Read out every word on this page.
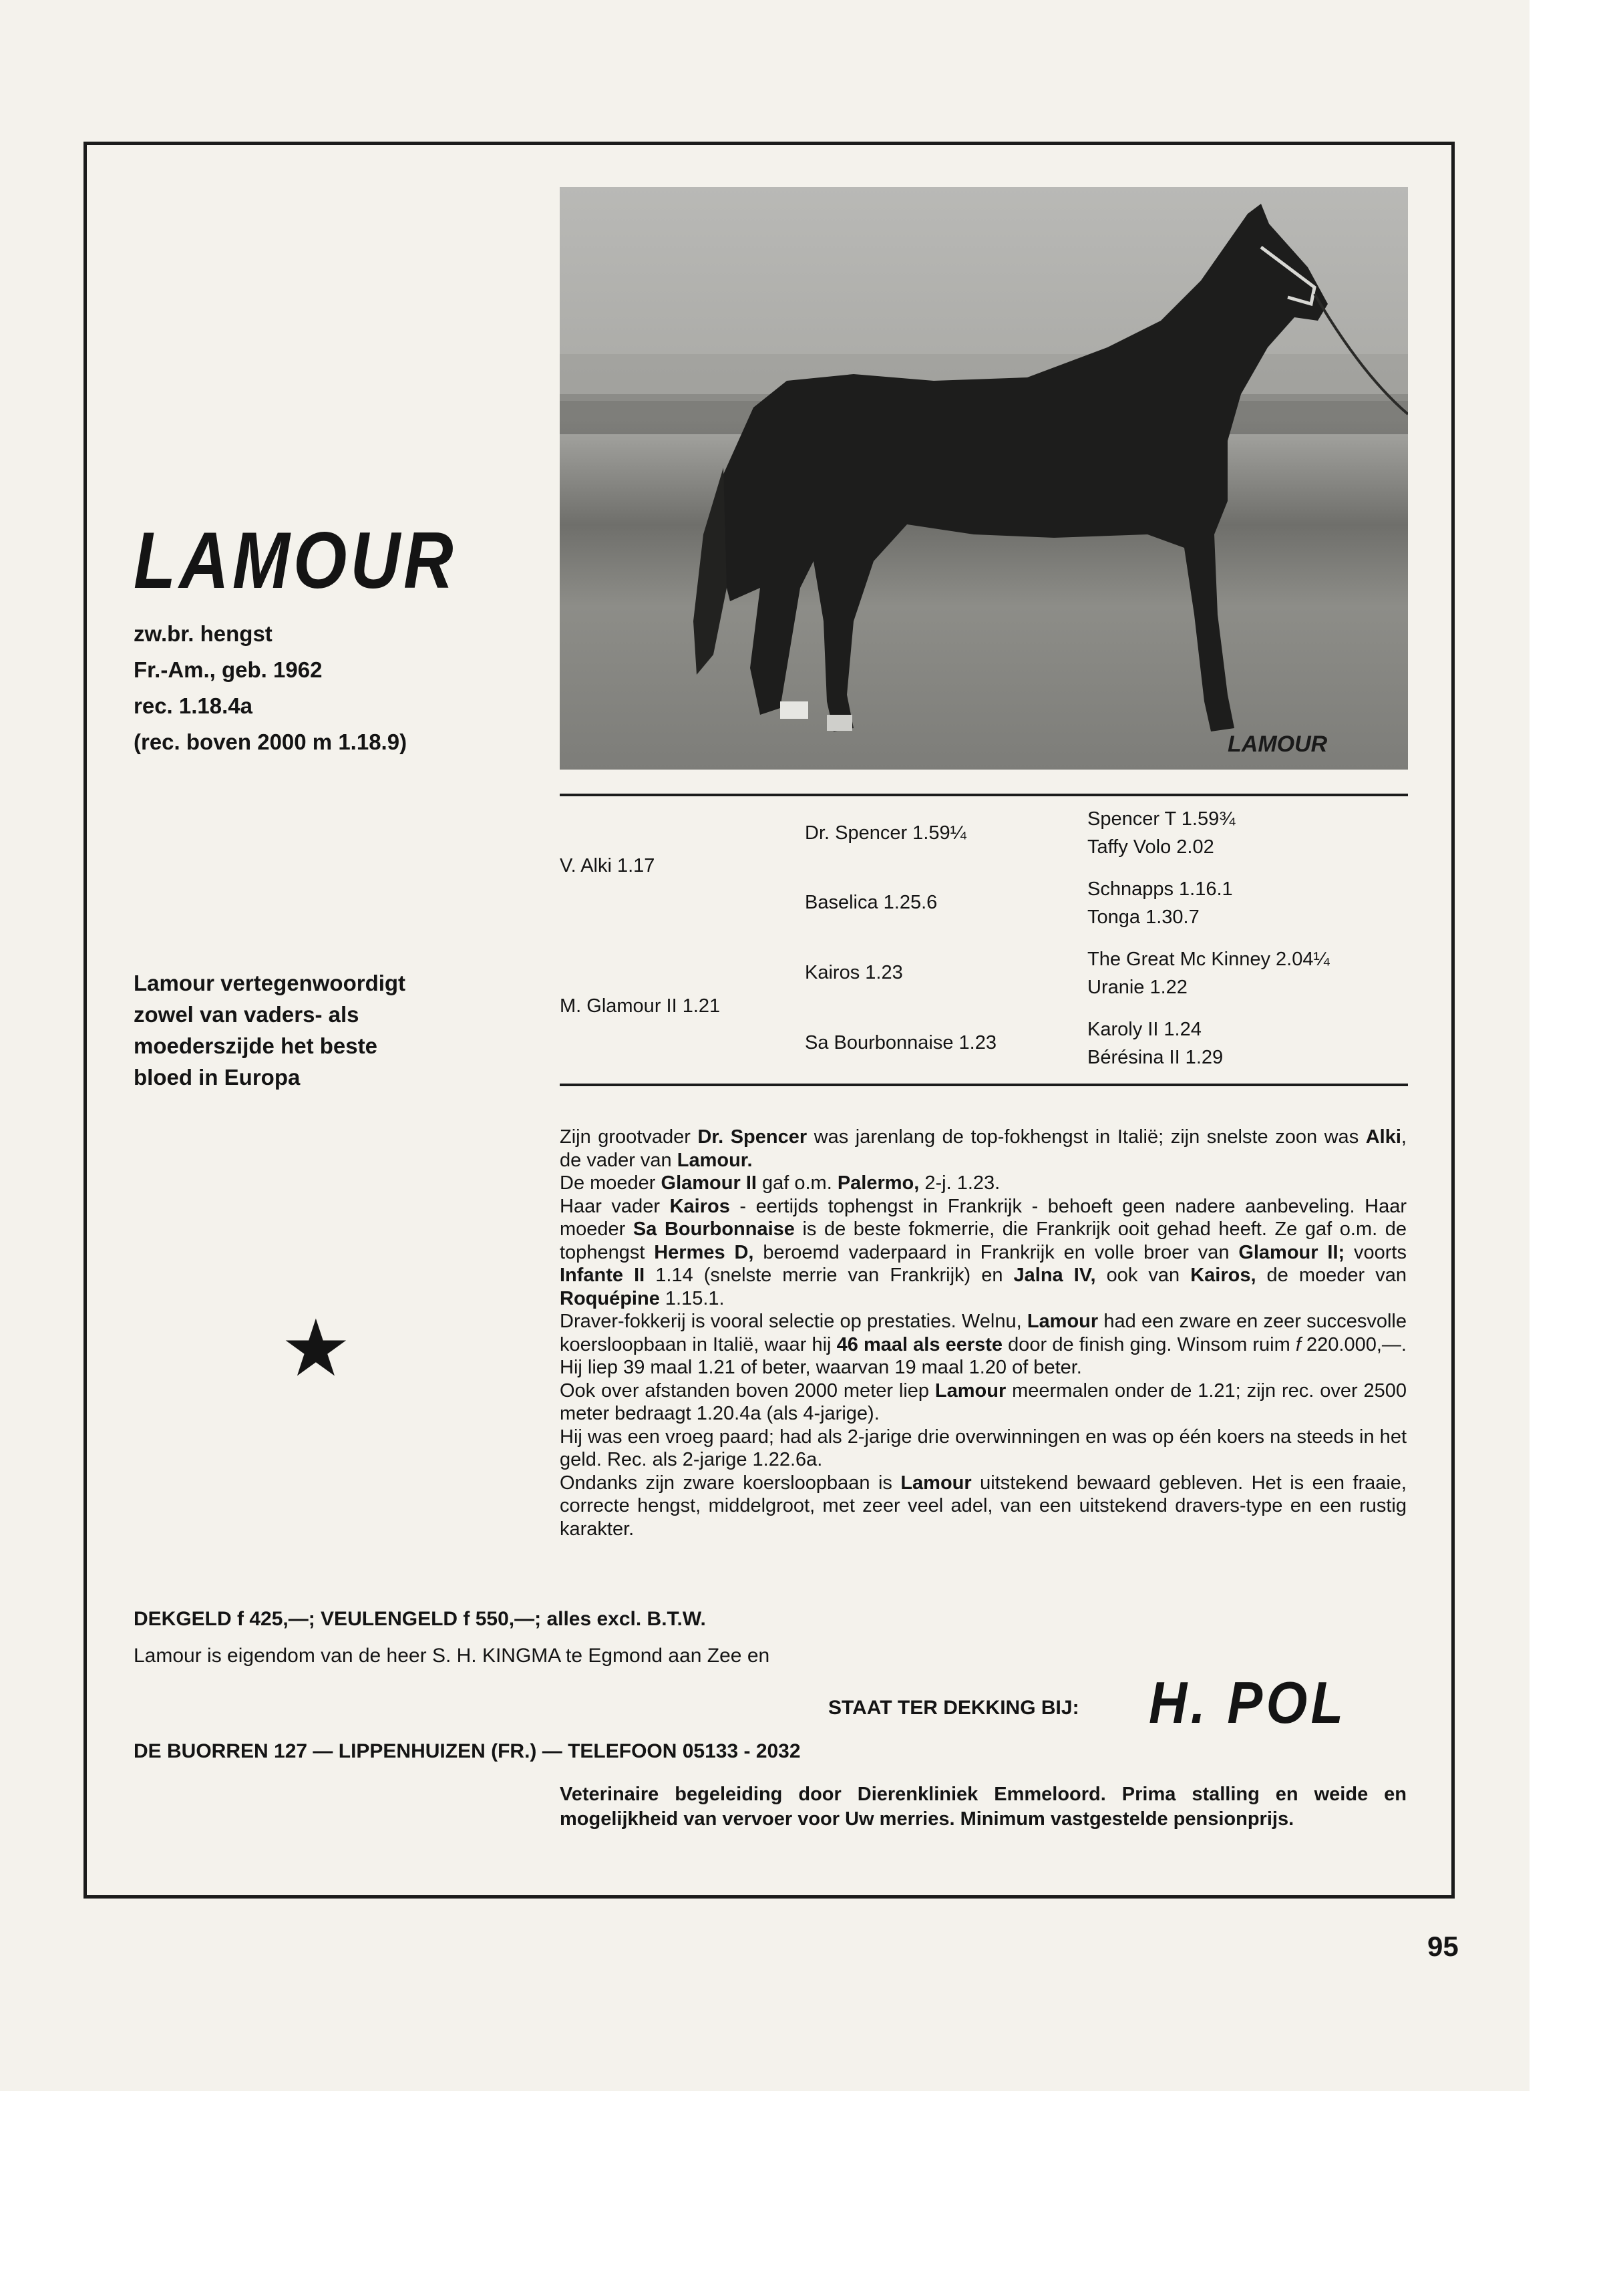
LAMOUR
zw.br. hengst
Fr.-Am., geb. 1962
rec. 1.18.4a
(rec. boven 2000 m 1.18.9)	LAMOUR
V. Alki 1.17
M. Glamour II 1.21
Dr. Spencer 1.59¼
Baselica 1.25.6
Kairos 1.23
Sa Bourbonnaise 1.23
Spencer T 1.59¾
Taffy Volo 2.02
Schnapps 1.16.1
Tonga 1.30.7
The Great Mc Kinney 2.04¼
Uranie 1.22
Karoly II 1.24
Bérésina II 1.29
Lamour vertegenwoordigt
zowel van vaders- als
moederszijde het beste
bloed in Europa
★

Zijn grootvader Dr. Spencer was jarenlang de top-fokhengst in Italië; zijn snelste zoon was Alki, de vader van Lamour.

De moeder Glamour II gaf o.m. Palermo, 2-j. 1.23.

Haar vader Kairos - eertijds tophengst in Frankrijk - behoeft geen nadere aanbeveling. Haar moeder Sa Bourbonnaise is de beste fokmerrie, die Frankrijk ooit gehad heeft. Ze gaf o.m. de tophengst Hermes D, beroemd vaderpaard in Frankrijk en volle broer van Glamour II; voorts Infante II 1.14 (snelste merrie van Frankrijk) en Jalna IV, ook van Kairos, de moeder van Roquépine 1.15.1.

Draver-fokkerij is vooral selectie op prestaties. Welnu, Lamour had een zware en zeer succesvolle koersloopbaan in Italië, waar hij 46 maal als eerste door de finish ging. Winsom ruim f 220.000,—. Hij liep 39 maal 1.21 of beter, waarvan 19 maal 1.20 of beter.

Ook over afstanden boven 2000 meter liep Lamour meermalen onder de 1.21; zijn rec. over 2500 meter bedraagt 1.20.4a (als 4-jarige).

Hij was een vroeg paard; had als 2-jarige drie overwinningen en was op één koers na steeds in het geld. Rec. als 2-jarige 1.22.6a.

Ondanks zijn zware koersloopbaan is Lamour uitstekend bewaard gebleven. Het is een fraaie, correcte hengst, middelgroot, met zeer veel adel, van een uitstekend dravers-type en een rustig karakter.

DEKGELD f 425,—; VEULENGELD f 550,—; alles excl. B.T.W.
Lamour is eigendom van de heer S. H. KINGMA te Egmond aan Zee en
STAAT TER DEKKING BIJ: H. POL
DE BUORREN 127 — LIPPENHUIZEN (FR.) — TELEFOON 05133 - 2032
Veterinaire begeleiding door Dierenkliniek Emmeloord. Prima stalling en weide en mogelijkheid van vervoer voor Uw merries. Minimum vastgestelde pensionprijs.
95
